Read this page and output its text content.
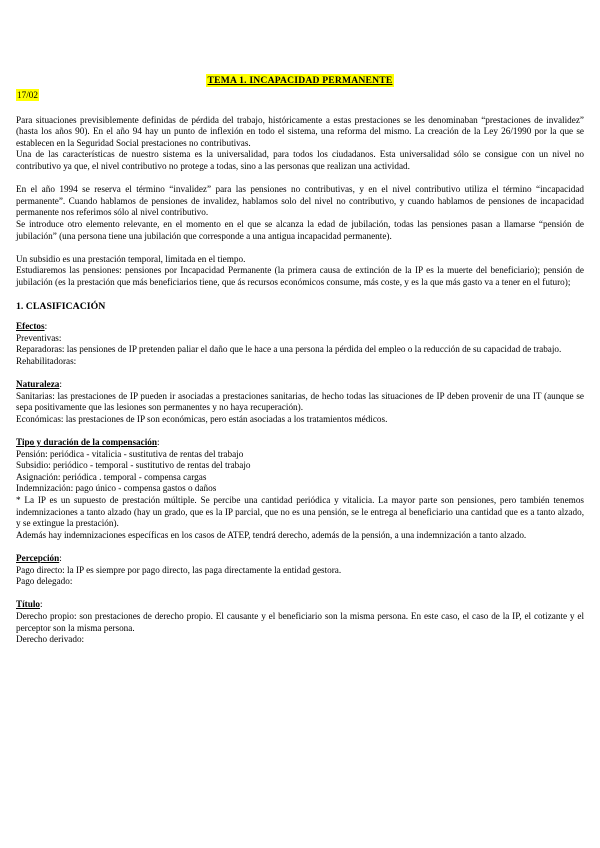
TEMA 1. INCAPACIDAD PERMANENTE
17/02

Para situaciones previsiblemente definidas de pérdida del trabajo, históricamente a estas prestaciones se les denominaban “prestaciones de invalidez” (hasta los años 90). En el año 94 hay un punto de inflexión en todo el sistema, una reforma del mismo. La creación de la Ley 26/1990 por la que se establecen en la Seguridad Social prestaciones no contributivas.

Una de las características de nuestro sistema es la universalidad, para todos los ciudadanos. Esta universalidad sólo se consigue con un nivel no contributivo ya que, el nivel contributivo no protege a todas, sino a las personas que realizan una actividad.

En el año 1994 se reserva el término “invalidez” para las pensiones no contributivas, y en el nivel contributivo utiliza el término “incapacidad permanente”. Cuando hablamos de pensiones de invalidez, hablamos solo del nivel no contributivo, y cuando hablamos de pensiones de incapacidad permanente nos referimos sólo al nivel contributivo.

Se introduce otro elemento relevante, en el momento en el que se alcanza la edad de jubilación, todas las pensiones pasan a llamarse “pensión de jubilación” (una persona tiene una jubilación que corresponde a una antigua incapacidad permanente).

Un subsidio es una prestación temporal, limitada en el tiempo.

Estudiaremos las pensiones: pensiones por Incapacidad Permanente (la primera causa de extinción de la IP es la muerte del beneficiario); pensión de jubilación (es la prestación que más beneficiarios tiene, que ás recursos económicos consume, más coste, y es la que más gasto va a tener en el futuro);

1. CLASIFICACIÓN

Efectos:

Preventivas:

Reparadoras: las pensiones de IP pretenden paliar el daño que le hace a una persona la pérdida del empleo o la reducción de su capacidad de trabajo.

Rehabilitadoras:

Naturaleza:

Sanitarias: las prestaciones de IP pueden ir asociadas a prestaciones sanitarias, de hecho todas las situaciones de IP deben provenir de una IT (aunque se sepa positivamente que las lesiones son permanentes y no haya recuperación).

Económicas: las prestaciones de IP son económicas, pero están asociadas a los tratamientos médicos.

Tipo y duración de la compensación:

Pensión: periódica - vitalicia - sustitutiva de rentas del trabajo

Subsidio: periódico - temporal - sustitutivo de rentas del trabajo

Asignación: periódica . temporal - compensa cargas

Indemnización: pago único - compensa gastos o daños

* La IP es un supuesto de prestación múltiple. Se percibe una cantidad periódica y vitalicia. La mayor parte son pensiones, pero también tenemos indemnizaciones a tanto alzado (hay un grado, que es la IP parcial, que no es una pensión, se le entrega al beneficiario una cantidad que es a tanto alzado, y se extingue la prestación).

Además hay indemnizaciones específicas en los casos de ATEP, tendrá derecho, además de la pensión, a una indemnización a tanto alzado.

Percepción:

Pago directo: la IP es siempre por pago directo, las paga directamente la entidad gestora.

Pago delegado:

Título:

Derecho propio: son prestaciones de derecho propio. El causante y el beneficiario son la misma persona. En este caso, el caso de la IP, el cotizante y el perceptor son la misma persona.

Derecho derivado:
